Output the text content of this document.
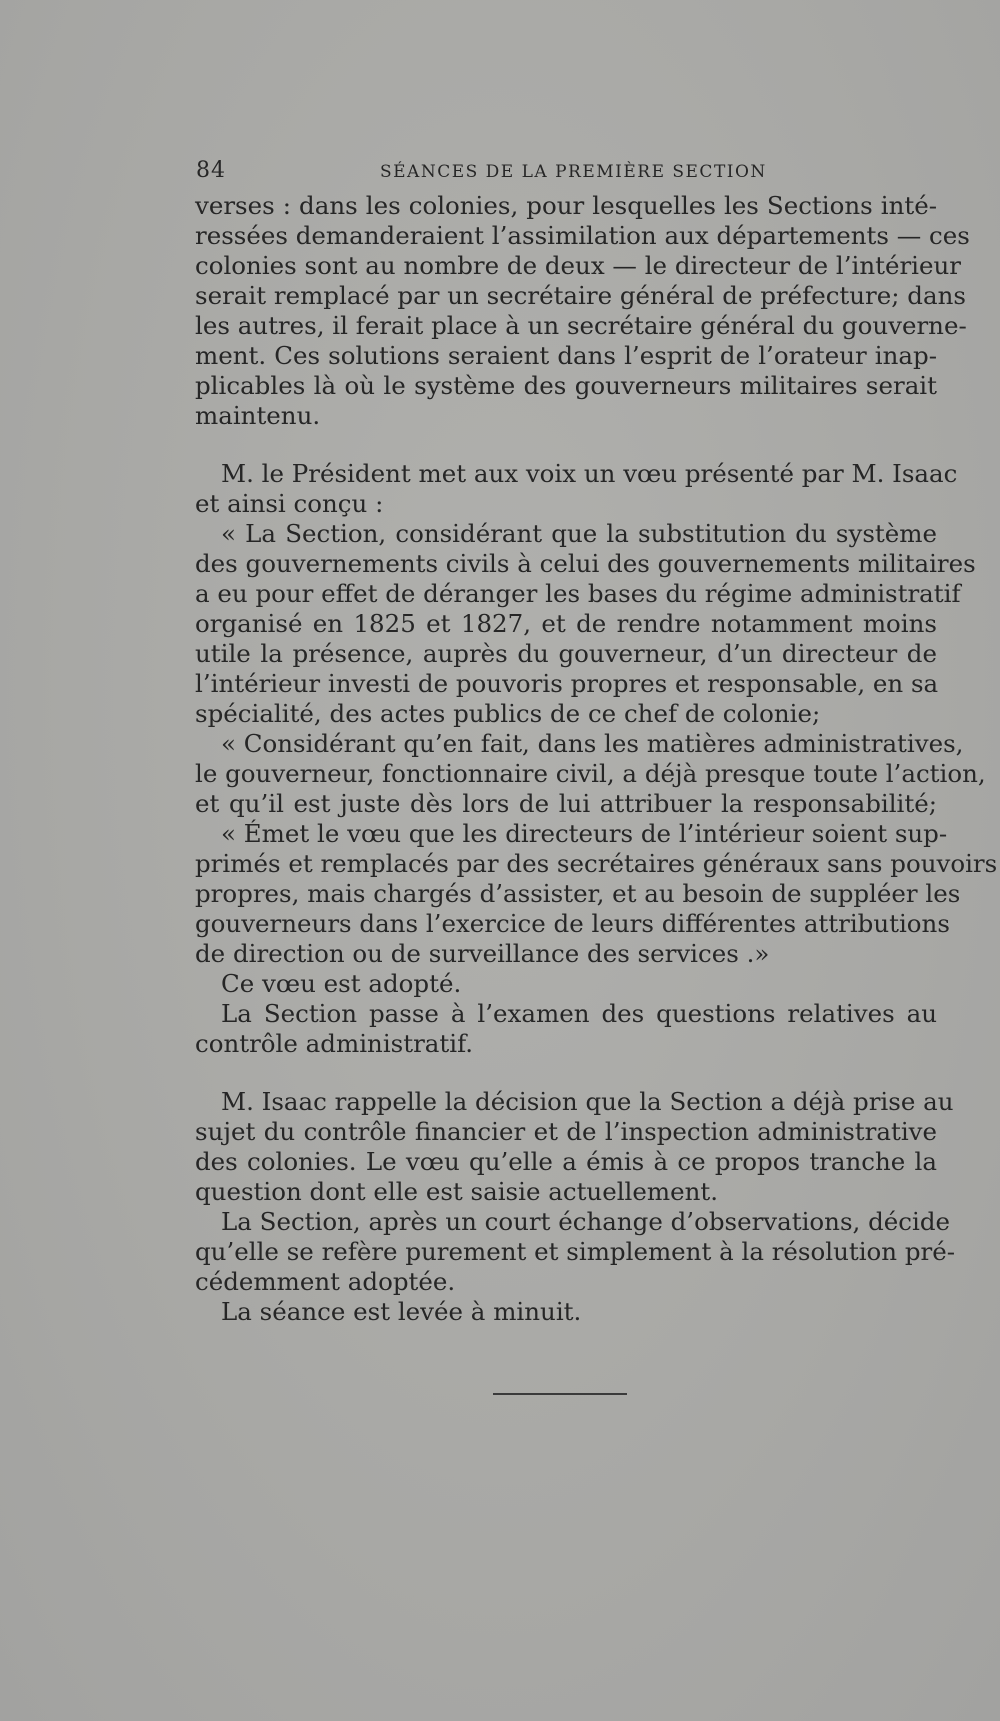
84	SÉANCES DE LA PREMIÈRE SECTION
verses : dans les colonies, pour lesquelles les Sections inté-
ressées demanderaient l’assimilation aux départements — ces
colonies sont au nombre de deux — le directeur de l’intérieur
serait remplacé par un secrétaire général de préfecture; dans
les autres, il ferait place à un secrétaire général du gouverne-
ment. Ces solutions seraient dans l’esprit de l’orateur inap-
plicables là où le système des gouverneurs militaires serait
maintenu.
M. le Président met aux voix un vœu présenté par M. Isaac
et ainsi conçu :
« La Section, considérant que la substitution du système
des gouvernements civils à celui des gouvernements militaires
a eu pour effet de déranger les bases du régime administratif
organisé en 1825 et 1827, et de rendre notamment moins
utile la présence, auprès du gouverneur, d’un directeur de
l’intérieur investi de pouvoris propres et responsable, en sa
spécialité, des actes publics de ce chef de colonie;
« Considérant qu’en fait, dans les matières administratives,
le gouverneur, fonctionnaire civil, a déjà presque toute l’action,
et qu’il est juste dès lors de lui attribuer la responsabilité;
« Émet le vœu que les directeurs de l’intérieur soient sup-
primés et remplacés par des secrétaires généraux sans pouvoirs
propres, mais chargés d’assister, et au besoin de suppléer les
gouverneurs dans l’exercice de leurs différentes attributions
de direction ou de surveillance des services .»
Ce vœu est adopté.
La Section passe à l’examen des questions relatives au
contrôle administratif.
M. Isaac rappelle la décision que la Section a déjà prise au
sujet du contrôle financier et de l’inspection administrative
des colonies. Le vœu qu’elle a émis à ce propos tranche la
question dont elle est saisie actuellement.
La Section, après un court échange d’observations, décide
qu’elle se refère purement et simplement à la résolution pré-
cédemment adoptée.
La séance est levée à minuit.
